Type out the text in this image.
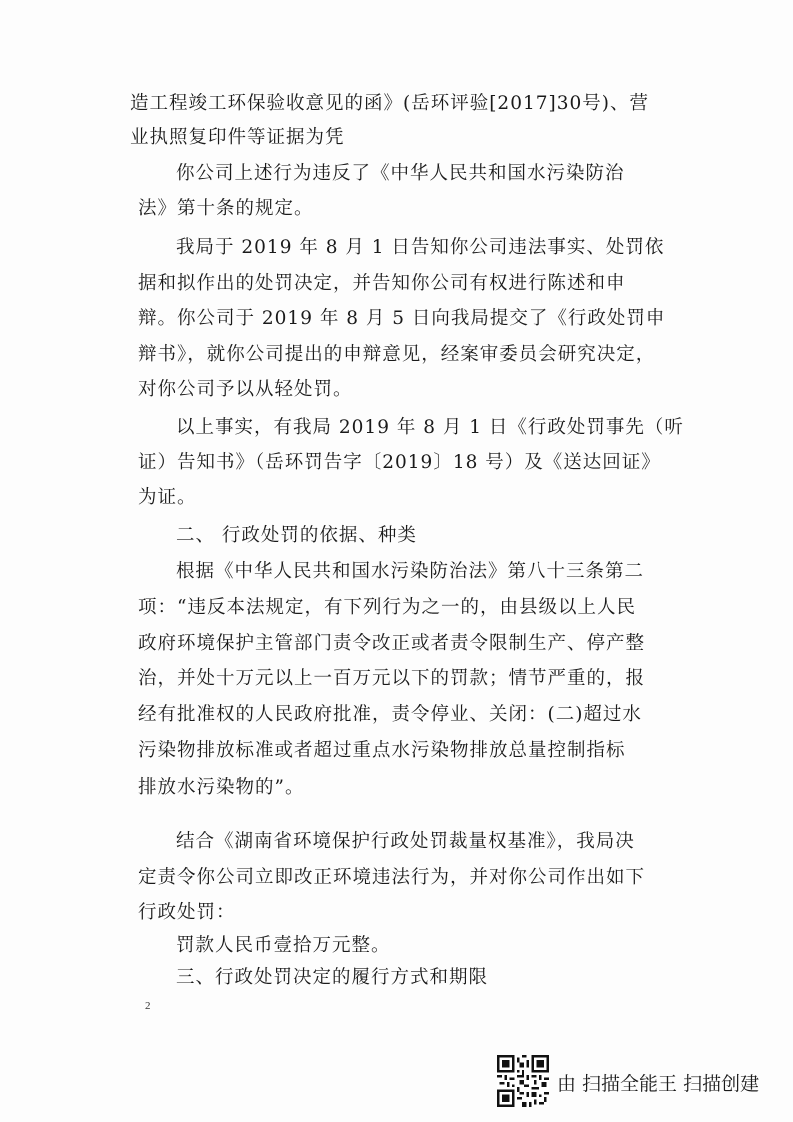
造工程竣工环保验收意见的函》(岳环评验[2017]30号)、营
业执照复印件等证据为凭
你公司上述行为违反了《中华人民共和国水污染防治
法》第十条的规定。
我局于 2019 年 8 月 1 日告知你公司违法事实、处罚依
据和拟作出的处罚决定，并告知你公司有权进行陈述和申
辩。你公司于 2019 年 8 月 5 日向我局提交了《行政处罚申
辩书》，就你公司提出的申辩意见，经案审委员会研究决定，
对你公司予以从轻处罚。
以上事实，有我局 2019 年 8 月 1 日《行政处罚事先（听
证）告知书》（岳环罚告字〔2019〕18 号）及《送达回证》
为证。
二、 行政处罚的依据、种类
根据《中华人民共和国水污染防治法》第八十三条第二
项：“违反本法规定，有下列行为之一的，由县级以上人民
政府环境保护主管部门责令改正或者责令限制生产、停产整
治，并处十万元以上一百万元以下的罚款；情节严重的，报
经有批准权的人民政府批准，责令停业、关闭：(二)超过水
污染物排放标准或者超过重点水污染物排放总量控制指标
排放水污染物的”。
结合《湖南省环境保护行政处罚裁量权基准》，我局决
定责令你公司立即改正环境违法行为，并对你公司作出如下
行政处罚：
罚款人民币壹拾万元整。
三、行政处罚决定的履行方式和期限
2
由 扫描全能王 扫描创建
